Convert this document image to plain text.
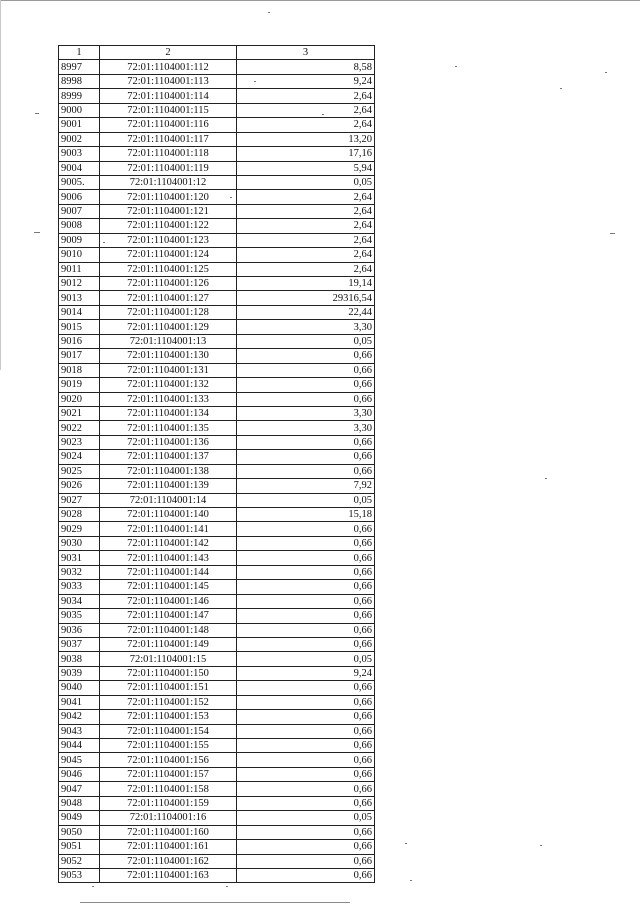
1	2	3
8997	72:01:1104001:112	8,58
8998	72:01:1104001:113	9,24
8999	72:01:1104001:114	2,64
9000	72:01:1104001:115	2,64
9001	72:01:1104001:116	2,64
9002	72:01:1104001:117	13,20
9003	72:01:1104001:118	17,16
9004	72:01:1104001:119	5,94
9005.	72:01:1104001:12	0,05
9006	72:01:1104001:120	2,64
9007	72:01:1104001:121	2,64
9008	72:01:1104001:122	2,64
9009	72:01:1104001:123	2,64
9010	72:01:1104001:124	2,64
9011	72:01:1104001:125	2,64
9012	72:01:1104001:126	19,14
9013	72:01:1104001:127	29316,54
9014	72:01:1104001:128	22,44
9015	72:01:1104001:129	3,30
9016	72:01:1104001:13	0,05
9017	72:01:1104001:130	0,66
9018	72:01:1104001:131	0,66
9019	72:01:1104001:132	0,66
9020	72:01:1104001:133	0,66
9021	72:01:1104001:134	3,30
9022	72:01:1104001:135	3,30
9023	72:01:1104001:136	0,66
9024	72:01:1104001:137	0,66
9025	72:01:1104001:138	0,66
9026	72:01:1104001:139	7,92
9027	72:01:1104001:14	0,05
9028	72:01:1104001:140	15,18
9029	72:01:1104001:141	0,66
9030	72:01:1104001:142	0,66
9031	72:01:1104001:143	0,66
9032	72:01:1104001:144	0,66
9033	72:01:1104001:145	0,66
9034	72:01:1104001:146	0,66
9035	72:01:1104001:147	0,66
9036	72:01:1104001:148	0,66
9037	72:01:1104001:149	0,66
9038	72:01:1104001:15	0,05
9039	72:01:1104001:150	9,24
9040	72:01:1104001:151	0,66
9041	72:01:1104001:152	0,66
9042	72:01:1104001:153	0,66
9043	72:01:1104001:154	0,66
9044	72:01:1104001:155	0,66
9045	72:01:1104001:156	0,66
9046	72:01:1104001:157	0,66
9047	72:01:1104001:158	0,66
9048	72:01:1104001:159	0,66
9049	72:01:1104001:16	0,05
9050	72:01:1104001:160	0,66
9051	72:01:1104001:161	0,66
9052	72:01:1104001:162	0,66
9053	72:01:1104001:163	0,66
